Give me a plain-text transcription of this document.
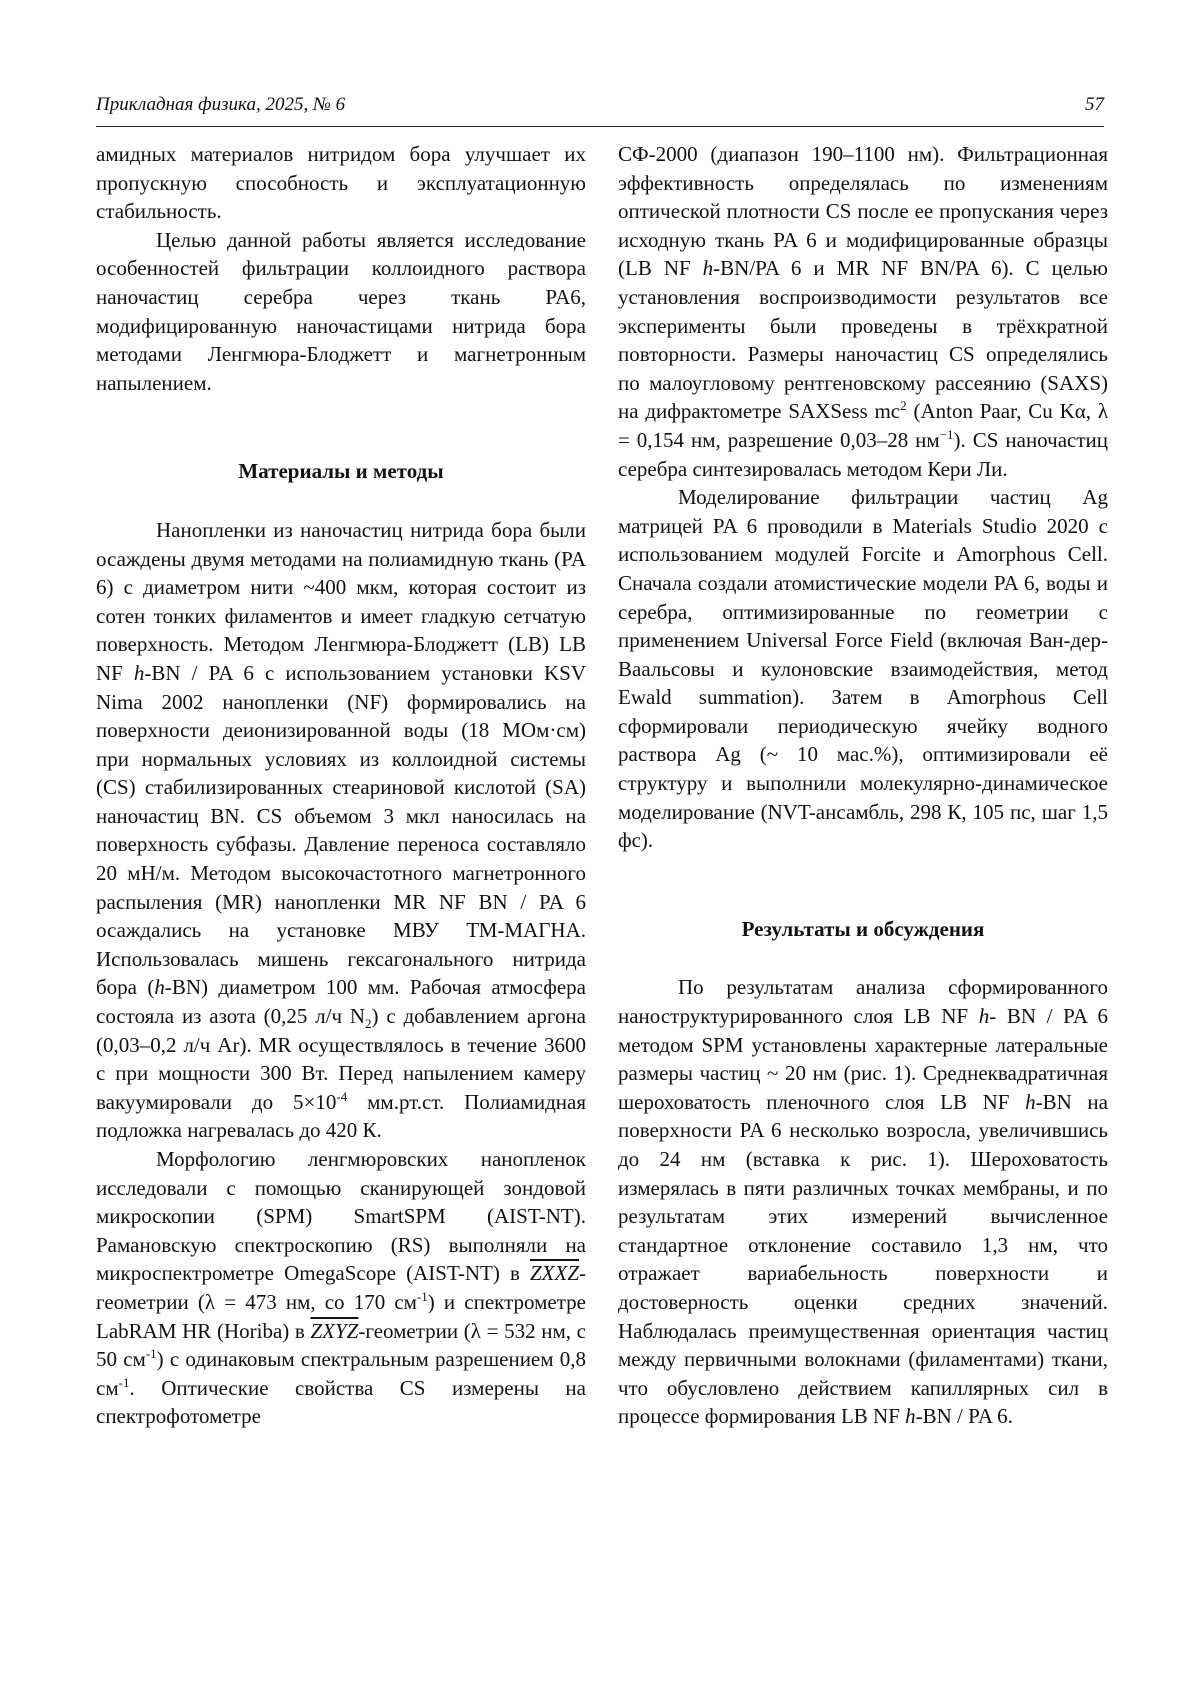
Прикладная физика, 2025, № 6	57

амидных материалов нитридом бора улучшает их пропускную способность и эксплуатационную стабильность.

Целью данной работы является исследование особенностей фильтрации коллоидного раствора наночастиц серебра через ткань PA6, модифицированную наночастицами нитрида бора методами Ленгмюра-Блоджетт и магнетронным напылением.

Материалы и методы

Нанопленки из наночастиц нитрида бора были осаждены двумя методами на полиамидную ткань (PA 6) с диаметром нити ~400 мкм, которая состоит из сотен тонких филаментов и имеет гладкую сетчатую поверхность. Методом Ленгмюра-Блоджетт (LB) LB NF h-BN / PA 6 с использованием установки KSV Nima 2002 нанопленки (NF) формировались на поверхности деионизированной воды (18 МОм·см) при нормальных условиях из коллоидной системы (CS) стабилизированных стеариновой кислотой (SA) наночастиц BN. CS объемом 3 мкл наносилась на поверхность субфазы. Давление переноса составляло 20 мН/м. Методом высокочастотного магнетронного распыления (MR) нанопленки MR NF BN / PA 6 осаждались на установке МВУ ТМ-МАГНА. Использовалась мишень гексагонального нитрида бора (h-BN) диаметром 100 мм. Рабочая атмосфера состояла из азота (0,25 л/ч $N_2$) с добавлением аргона (0,03–0,2 л/ч Ar). MR осуществлялось в течение 3600 с при мощности 300 Вт. Перед напылением камеру вакуумировали до $5\times 10^{-4}$ мм.рт.ст. Полиамидная подложка нагревалась до 420 К.

Морфологию ленгмюровских нанопленок исследовали с помощью сканирующей зондовой микроскопии (SPM) SmartSPM (AIST-NT). Рамановскую спектроскопию (RS) выполняли на микроспектрометре OmegaScope (AIST-NT) в ZXXZ-геометрии (λ = 473 нм, со 170 $см^{-1}$) и спектрометре LabRAM HR (Horiba) в ZXYZ-геометрии (λ = 532 нм, с 50 $см^{-1}$) с одинаковым спектральным разрешением 0,8 $см^{-1}$. Оптические свойства CS измерены на спектрофотометре

СФ-2000 (диапазон 190–1100 нм). Фильтрационная эффективность определялась по изменениям оптической плотности CS после ее пропускания через исходную ткань PA 6 и модифицированные образцы (LB NF h-BN/PA 6 и MR NF BN/PA 6). С целью установления воспроизводимости результатов все эксперименты были проведены в трёхкратной повторности. Размеры наночастиц CS определялись по малоугловому рентгеновскому рассеянию (SAXS) на дифрактометре SAXSess $mc^2$ (Anton Paar, Cu Kα, λ = 0,154 нм, разрешение 0,03–28 $нм^{-1}$). CS наночастиц серебра синтезировалась методом Кери Ли.

Моделирование фильтрации частиц Ag матрицей PA 6 проводили в Materials Studio 2020 с использованием модулей Forcite и Amorphous Cell. Сначала создали атомистические модели PA 6, воды и серебра, оптимизированные по геометрии с применением Universal Force Field (включая Ван-дер-Ваальсовы и кулоновские взаимодействия, метод Ewald summation). Затем в Amorphous Cell сформировали периодическую ячейку водного раствора Ag (~ 10 мас.%), оптимизировали её структуру и выполнили молекулярно-динамическое моделирование (NVT-ансамбль, 298 К, 105 пс, шаг 1,5 фс).

Результаты и обсуждения

По результатам анализа сформированного наноструктурированного слоя LB NF h- BN / PA 6 методом SPM установлены характерные латеральные размеры частиц ~ 20 нм (рис. 1). Среднеквадратичная шероховатость пленочного слоя LB NF h-BN на поверхности PA 6 несколько возросла, увеличившись до 24 нм (вставка к рис. 1). Шероховатость измерялась в пяти различных точках мембраны, и по результатам этих измерений вычисленное стандартное отклонение составило 1,3 нм, что отражает вариабельность поверхности и достоверность оценки средних значений. Наблюдалась преимущественная ориентация частиц между первичными волокнами (филаментами) ткани, что обусловлено действием капиллярных сил в процессе формирования LB NF h-BN / PA 6.
